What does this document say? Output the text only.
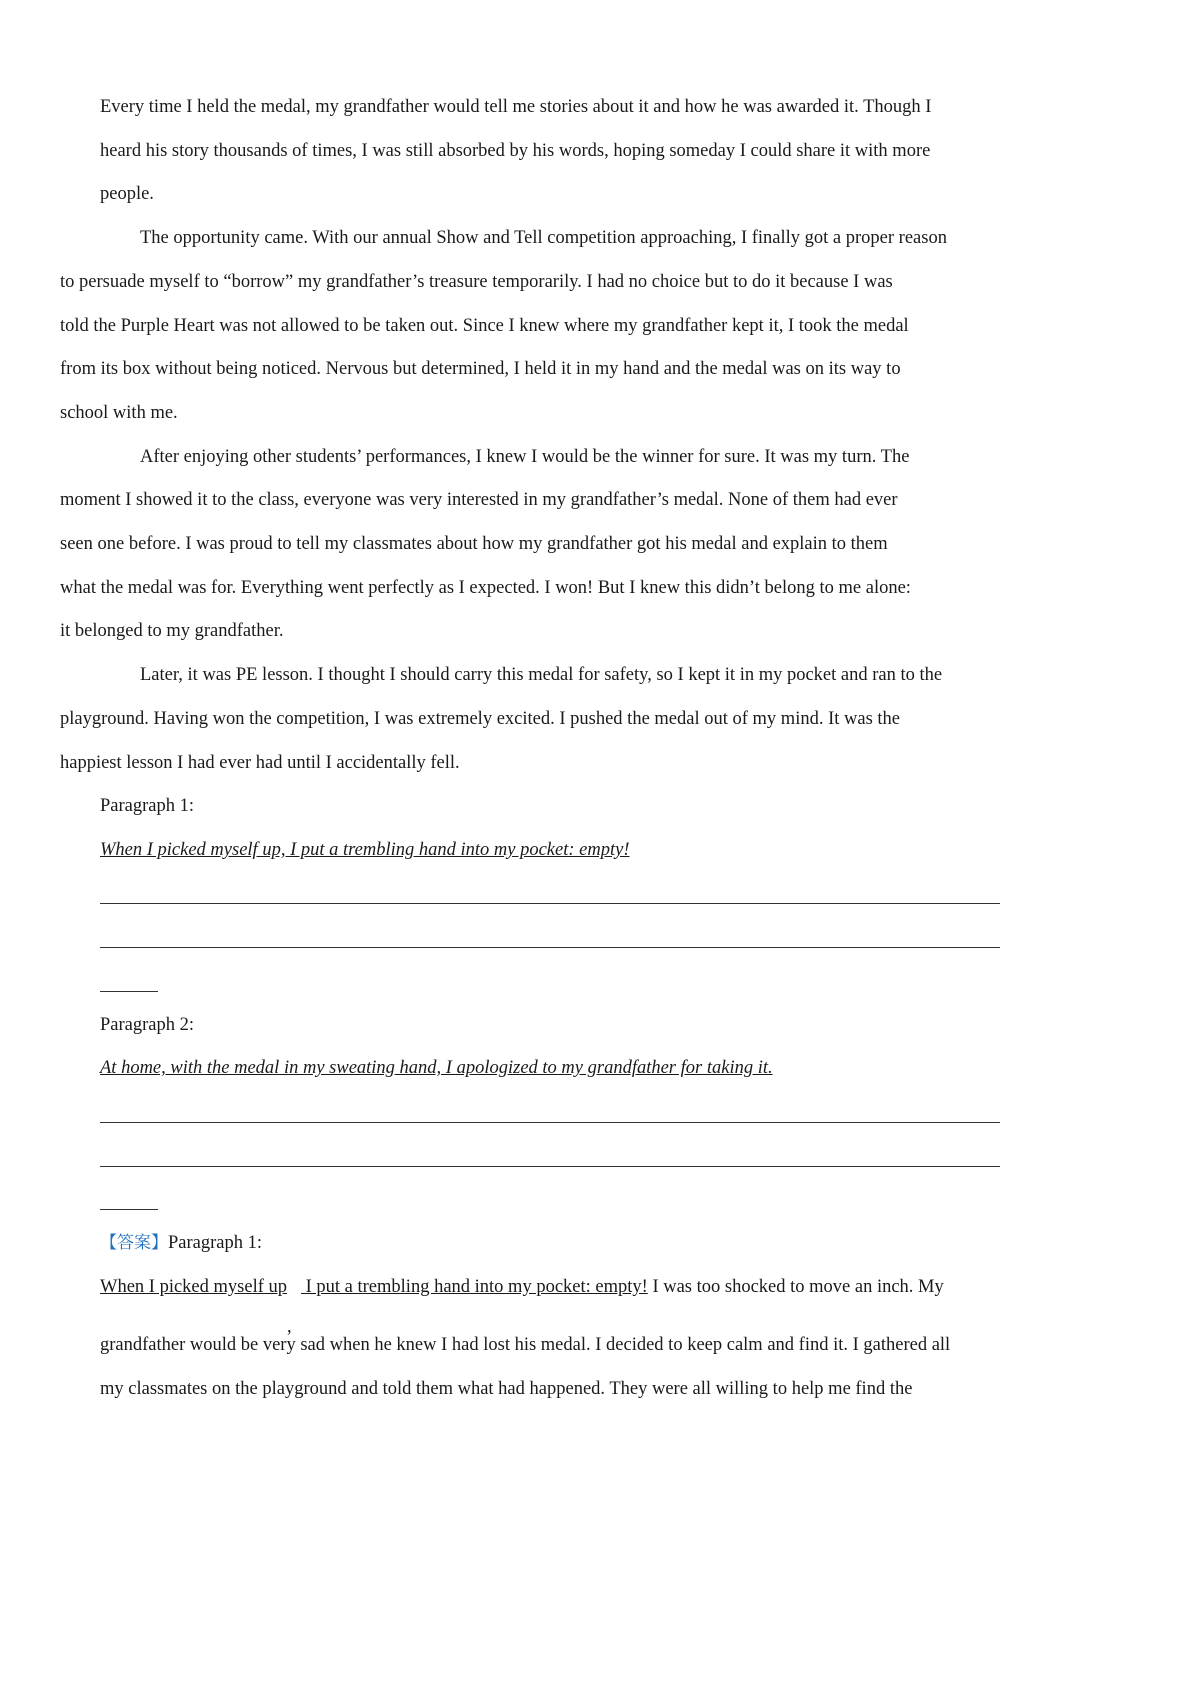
Every time I held the medal, my grandfather would tell me stories about it and how he was awarded it. Though I
heard his story thousands of times, I was still absorbed by his words, hoping someday I could share it with more
people.

The opportunity came. With our annual Show and Tell competition approaching, I finally got a proper reason
to persuade myself to “borrow” my grandfather’s treasure temporarily. I had no choice but to do it because I was
told the Purple Heart was not allowed to be taken out. Since I knew where my grandfather kept it, I took the medal
from its box without being noticed. Nervous but determined, I held it in my hand and the medal was on its way to
school with me.

After enjoying other students’ performances, I knew I would be the winner for sure. It was my turn. The
moment I showed it to the class, everyone was very interested in my grandfather’s medal. None of them had ever
seen one before. I was proud to tell my classmates about how my grandfather got his medal and explain to them
what the medal was for. Everything went perfectly as I expected. I won! But I knew this didn’t belong to me alone:
it belonged to my grandfather.

Later, it was PE lesson. I thought I should carry this medal for safety, so I kept it in my pocket and ran to the
playground. Having won the competition, I was extremely excited. I pushed the medal out of my mind. It was the
happiest lesson I had ever had until I accidentally fell.

Paragraph 1:

When I picked myself up, I put a trembling hand into my pocket: empty!

Paragraph 2:

At home, with the medal in my sweating hand, I apologized to my grandfather for taking it.

【答案】Paragraph 1:

When I picked myself up
,
I put a trembling hand into my pocket: empty! I was too shocked to move an inch. My

grandfather would be very sad when he knew I had lost his medal. I decided to keep calm and find it. I gathered all
my classmates on the playground and told them what had happened. They were all willing to help me find the
